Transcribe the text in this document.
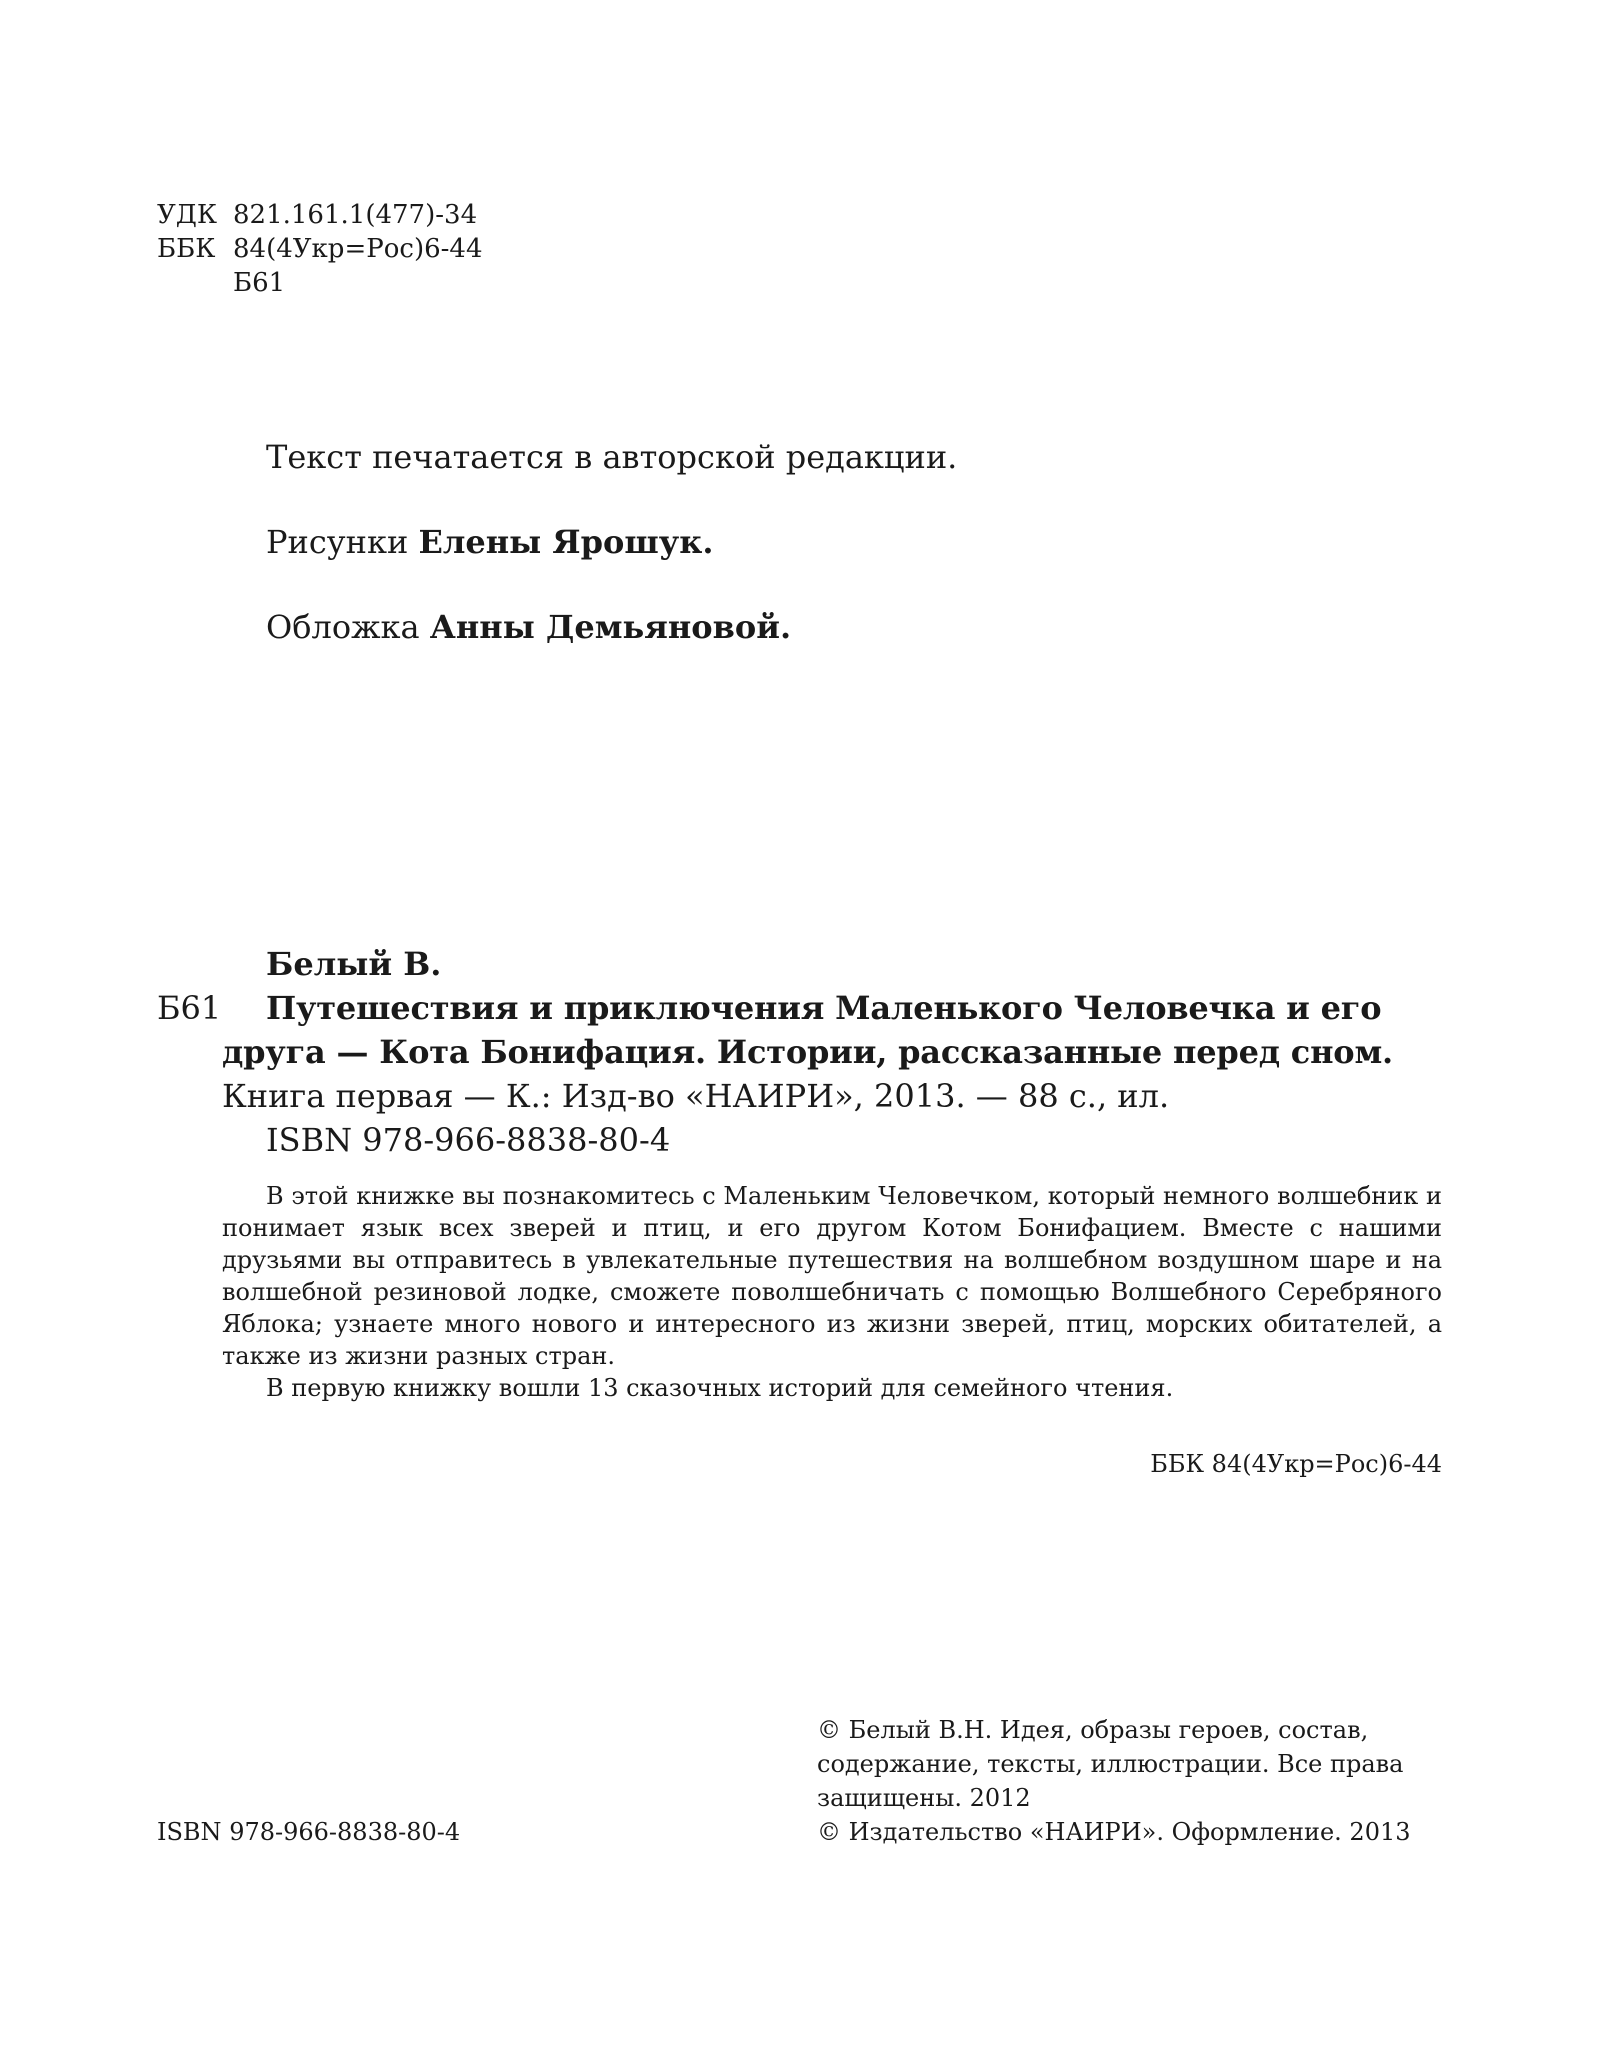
УДК 821.161.1(477)-34
ББК 84(4Укр=Рос)6-44
Б61
Текст печатается в авторской редакции.
Рисунки Елены Ярошук.
Обложка Анны Демьяновой.
Белый В.
Б61 Путешествия и приключения Маленького Человечка и его
друга — Кота Бонифация. Истории, рассказанные перед сном.
Книга первая — К.: Изд-во «НАИРИ», 2013. — 88 с., ил.
ISBN 978-966-8838-80-4

В этой книжке вы познакомитесь с Маленьким Человечком, который немного волшебник и понимает язык всех зверей и птиц, и его другом Котом Бонифацием. Вместе с нашими друзьями вы отправитесь в увлекательные путешествия на волшебном воздушном шаре и на волшебной резиновой лодке, сможете поволшебничать с помощью Волшебного Серебряного Яблока; узнаете много нового и интересного из жизни зверей, птиц, морских обитателей, а также из жизни разных стран.

В первую книжку вошли 13 сказочных историй для семейного чтения.

ББК 84(4Укр=Рос)6-44
© Белый В.Н. Идея, образы героев, состав,
содержание, тексты, иллюстрации. Все права
защищены. 2012
ISBN 978-966-8838-80-4	© Издательство «НАИРИ». Оформление. 2013
